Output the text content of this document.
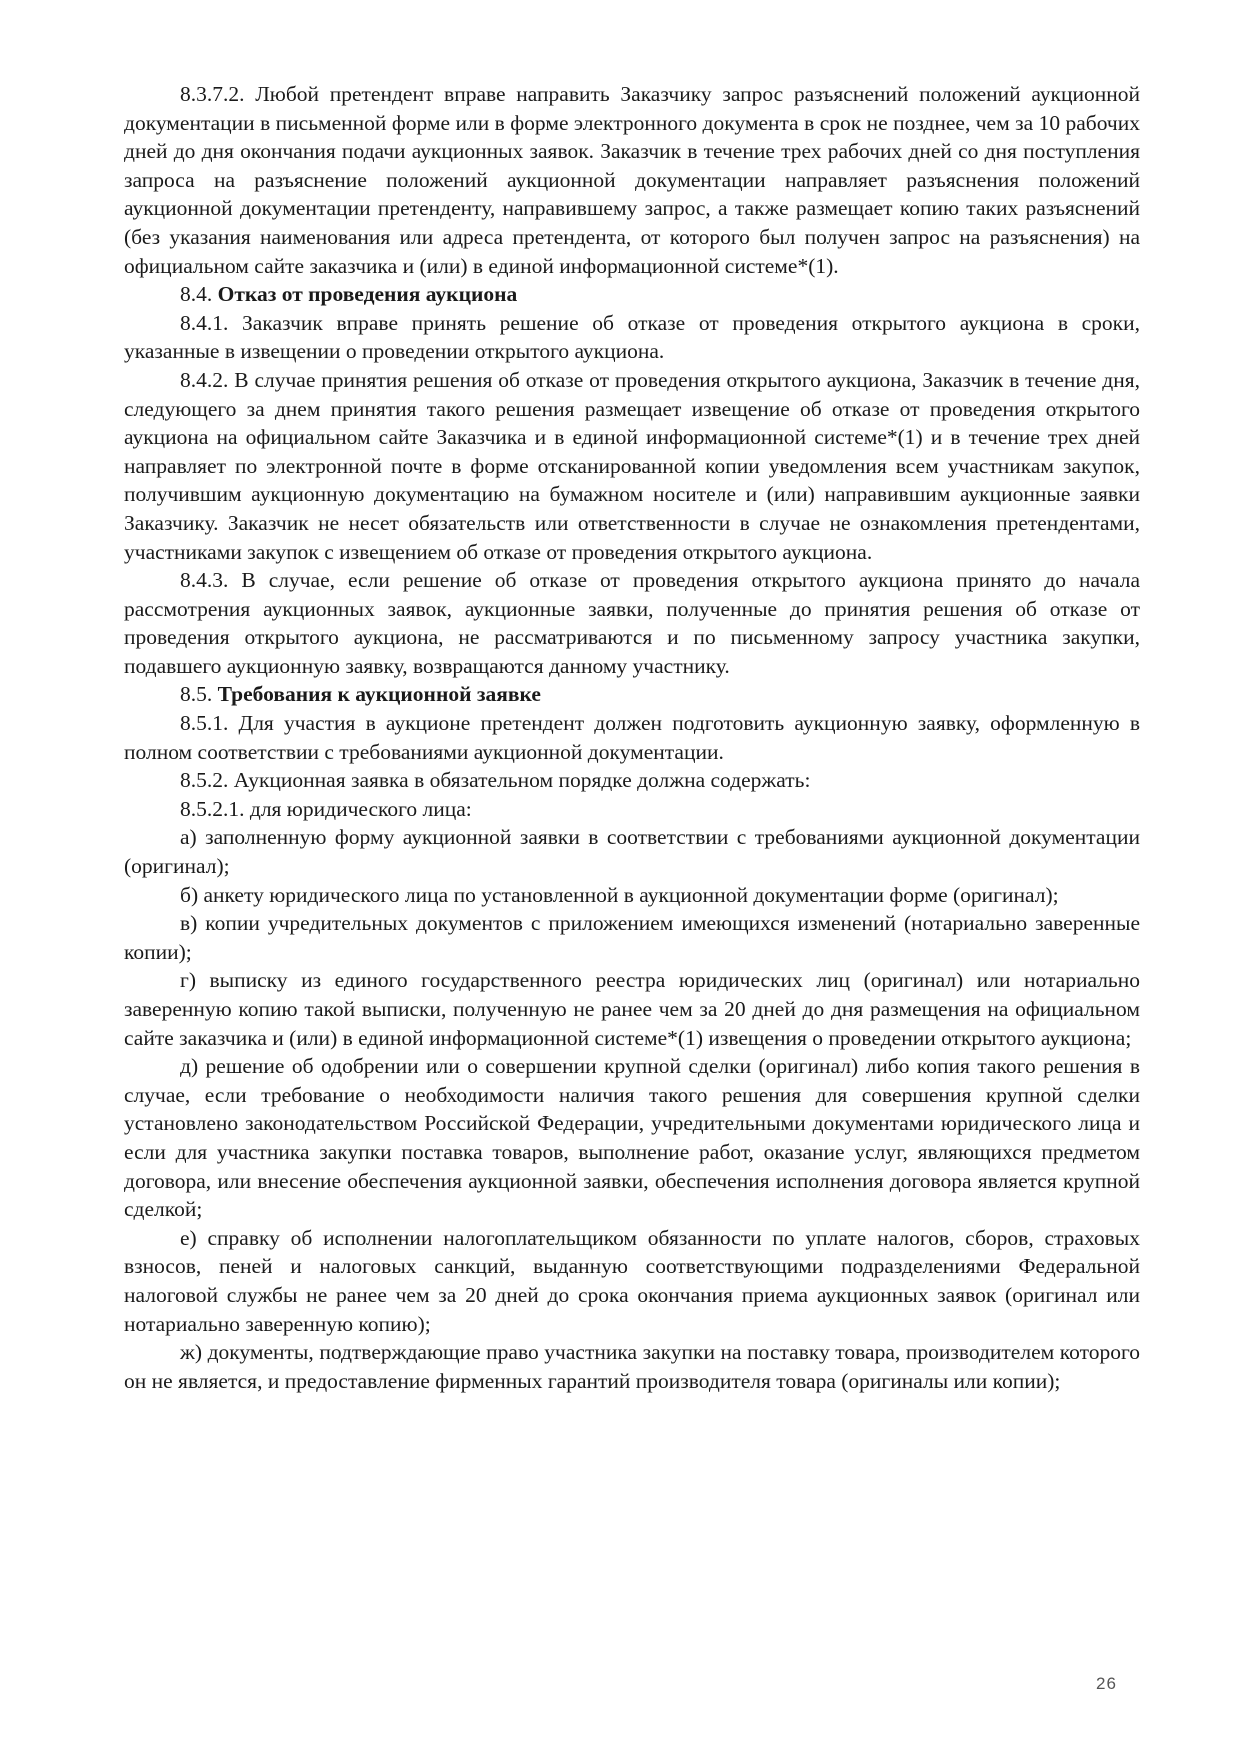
8.3.7.2. Любой претендент вправе направить Заказчику запрос разъяснений положений аукционной документации в письменной форме или в форме электронного документа в срок не позднее, чем за 10 рабочих дней до дня окончания подачи аукционных заявок. Заказчик в течение трех рабочих дней со дня поступления запроса на разъяснение положений аукционной документации направляет разъяснения положений аукционной документации претенденту, направившему запрос, а также размещает копию таких разъяснений (без указания наименования или адреса претендента, от которого был получен запрос на разъяснения) на официальном сайте заказчика и (или) в единой информационной системе*(1).

8.4. Отказ от проведения аукциона

8.4.1. Заказчик вправе принять решение об отказе от проведения открытого аукциона в сроки, указанные в извещении о проведении открытого аукциона.

8.4.2. В случае принятия решения об отказе от проведения открытого аукциона, Заказчик в течение дня, следующего за днем принятия такого решения размещает извещение об отказе от проведения открытого аукциона на официальном сайте Заказчика и в единой информационной системе*(1) и в течение трех дней направляет по электронной почте в форме отсканированной копии уведомления всем участникам закупок, получившим аукционную документацию на бумажном носителе и (или) направившим аукционные заявки Заказчику. Заказчик не несет обязательств или ответственности в случае не ознакомления претендентами, участниками закупок с извещением об отказе от проведения открытого аукциона.

8.4.3. В случае, если решение об отказе от проведения открытого аукциона принято до начала рассмотрения аукционных заявок, аукционные заявки, полученные до принятия решения об отказе от проведения открытого аукциона, не рассматриваются и по письменному запросу участника закупки, подавшего аукционную заявку, возвращаются данному участнику.

8.5. Требования к аукционной заявке

8.5.1. Для участия в аукционе претендент должен подготовить аукционную заявку, оформленную в полном соответствии с требованиями аукционной документации.

8.5.2. Аукционная заявка в обязательном порядке должна содержать:

8.5.2.1. для юридического лица:

а) заполненную форму аукционной заявки в соответствии с требованиями аукционной документации (оригинал);

б) анкету юридического лица по установленной в аукционной документации форме (оригинал);

в) копии учредительных документов с приложением имеющихся изменений (нотариально заверенные копии);

г) выписку из единого государственного реестра юридических лиц (оригинал) или нотариально заверенную копию такой выписки, полученную не ранее чем за 20 дней до дня размещения на официальном сайте заказчика и (или) в единой информационной системе*(1) извещения о проведении открытого аукциона;

д) решение об одобрении или о совершении крупной сделки (оригинал) либо копия такого решения в случае, если требование о необходимости наличия такого решения для совершения крупной сделки установлено законодательством Российской Федерации, учредительными документами юридического лица и если для участника закупки поставка товаров, выполнение работ, оказание услуг, являющихся предметом договора, или внесение обеспечения аукционной заявки, обеспечения исполнения договора является крупной сделкой;

е) справку об исполнении налогоплательщиком обязанности по уплате налогов, сборов, страховых взносов, пеней и налоговых санкций, выданную соответствующими подразделениями Федеральной налоговой службы не ранее чем за 20 дней до срока окончания приема аукционных заявок (оригинал или нотариально заверенную копию);

ж) документы, подтверждающие право участника закупки на поставку товара, производителем которого он не является, и предоставление фирменных гарантий производителя товара (оригиналы или копии);

26
